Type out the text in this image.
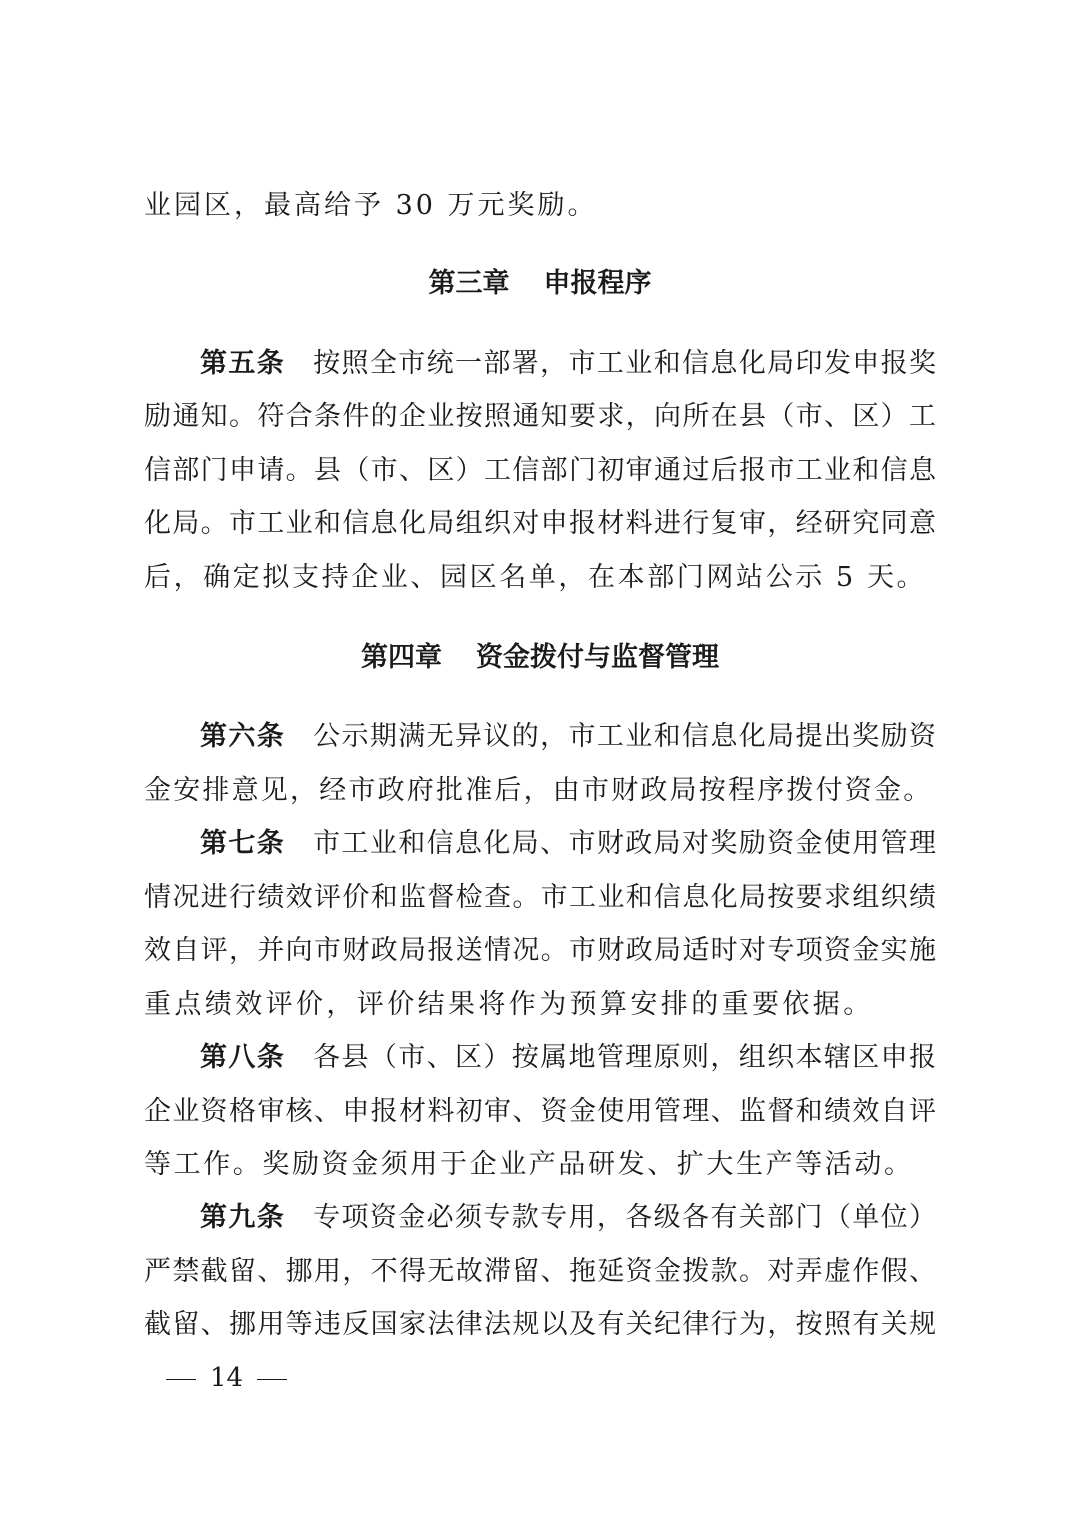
业园区，最高给予 30 万元奖励。
第三章 申报程序
第五条 按照全市统一部署，市工业和信息化局印发申报奖
励通知。符合条件的企业按照通知要求，向所在县（市、区）工
信部门申请。县（市、区）工信部门初审通过后报市工业和信息
化局。市工业和信息化局组织对申报材料进行复审，经研究同意
后，确定拟支持企业、园区名单，在本部门网站公示 5 天。
第四章 资金拨付与监督管理
第六条 公示期满无异议的，市工业和信息化局提出奖励资
金安排意见，经市政府批准后，由市财政局按程序拨付资金。
第七条 市工业和信息化局、市财政局对奖励资金使用管理
情况进行绩效评价和监督检查。市工业和信息化局按要求组织绩
效自评，并向市财政局报送情况。市财政局适时对专项资金实施
重点绩效评价，评价结果将作为预算安排的重要依据。
第八条 各县（市、区）按属地管理原则，组织本辖区申报
企业资格审核、申报材料初审、资金使用管理、监督和绩效自评
等工作。奖励资金须用于企业产品研发、扩大生产等活动。
第九条 专项资金必须专款专用，各级各有关部门（单位）
严禁截留、挪用，不得无故滞留、拖延资金拨款。对弄虚作假、
截留、挪用等违反国家法律法规以及有关纪律行为，按照有关规
14
